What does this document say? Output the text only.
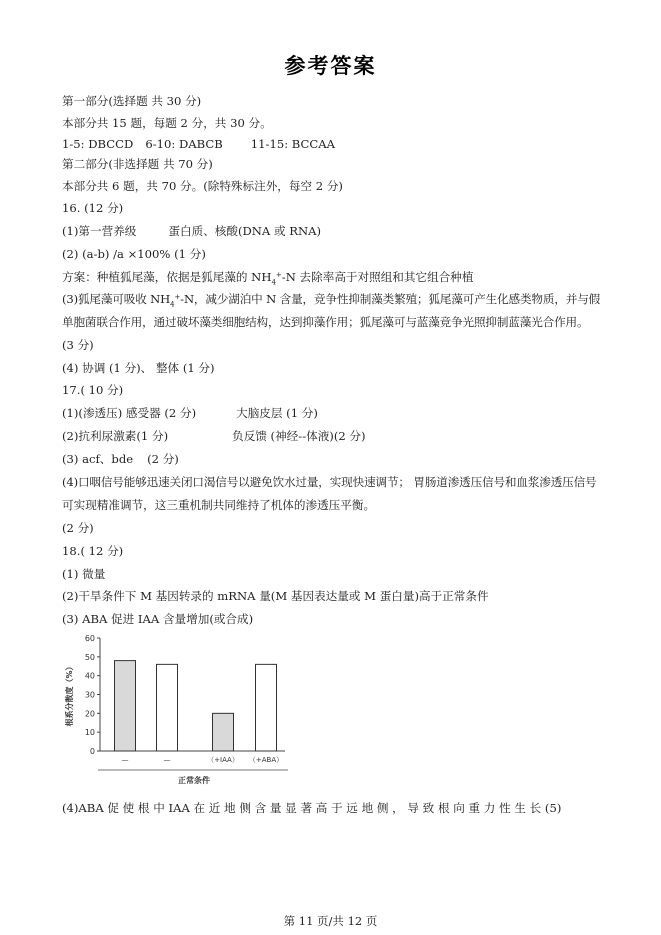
参考答案
第一部分(选择题 共 30 分)
本部分共 15 题，每题 2 分，共 30 分。
1-5: DBCCD 6-10: DABCB 11-15: BCCAA
第二部分(非选择题 共 70 分)
本部分共 6 题，共 70 分。(除特殊标注外，每空 2 分)
16. (12 分)
(1)第一营养级	蛋白质、核酸(DNA 或 RNA)
(2) (a-b) /a ×100% (1 分)
方案：种植狐尾藻，依据是狐尾藻的 $NH_4^+-N$ 去除率高于对照组和其它组合种植
(3)狐尾藻可吸收 $NH_4^+-N$，减少湖泊中 N 含量，竞争性抑制藻类繁殖；狐尾藻可产生化感类物质，并与假
单胞菌联合作用，通过破坏藻类细胞结构，达到抑藻作用；狐尾藻可与蓝藻竞争光照抑制蓝藻光合作用。
(3 分)
(4) 协调 (1 分)、 整体 (1 分)
17.( 10 分)
(1)(渗透压) 感受器 (2 分)	大脑皮层 (1 分)
(2)抗利尿激素(1 分)	负反馈 (神经--体液)(2 分)
(3) acf、bde (2 分)
(4)口咽信号能够迅速关闭口渴信号以避免饮水过量，实现快速调节； 胃肠道渗透压信号和血浆渗透压信号
可实现精准调节，这三重机制共同维持了机体的渗透压平衡。
(2 分)
18.( 12 分)
(1) 微量
(2)干旱条件下 M 基因转录的 mRNA 量(M 基因表达量或 M 蛋白量)高于正常条件
(3) ABA 促进 IAA 含量增加(或合成)
0
10
20
30
40
50
60
根系分散度（%）
—	—	（+IAA） （+ABA）
正常条件
(4)ABA 促 使 根 中 IAA 在 近 地 侧 含 量 显 著 高 于 远 地 侧 ， 导 致 根 向 重 力 性 生 长 (5)
第 11 页/共 12 页
